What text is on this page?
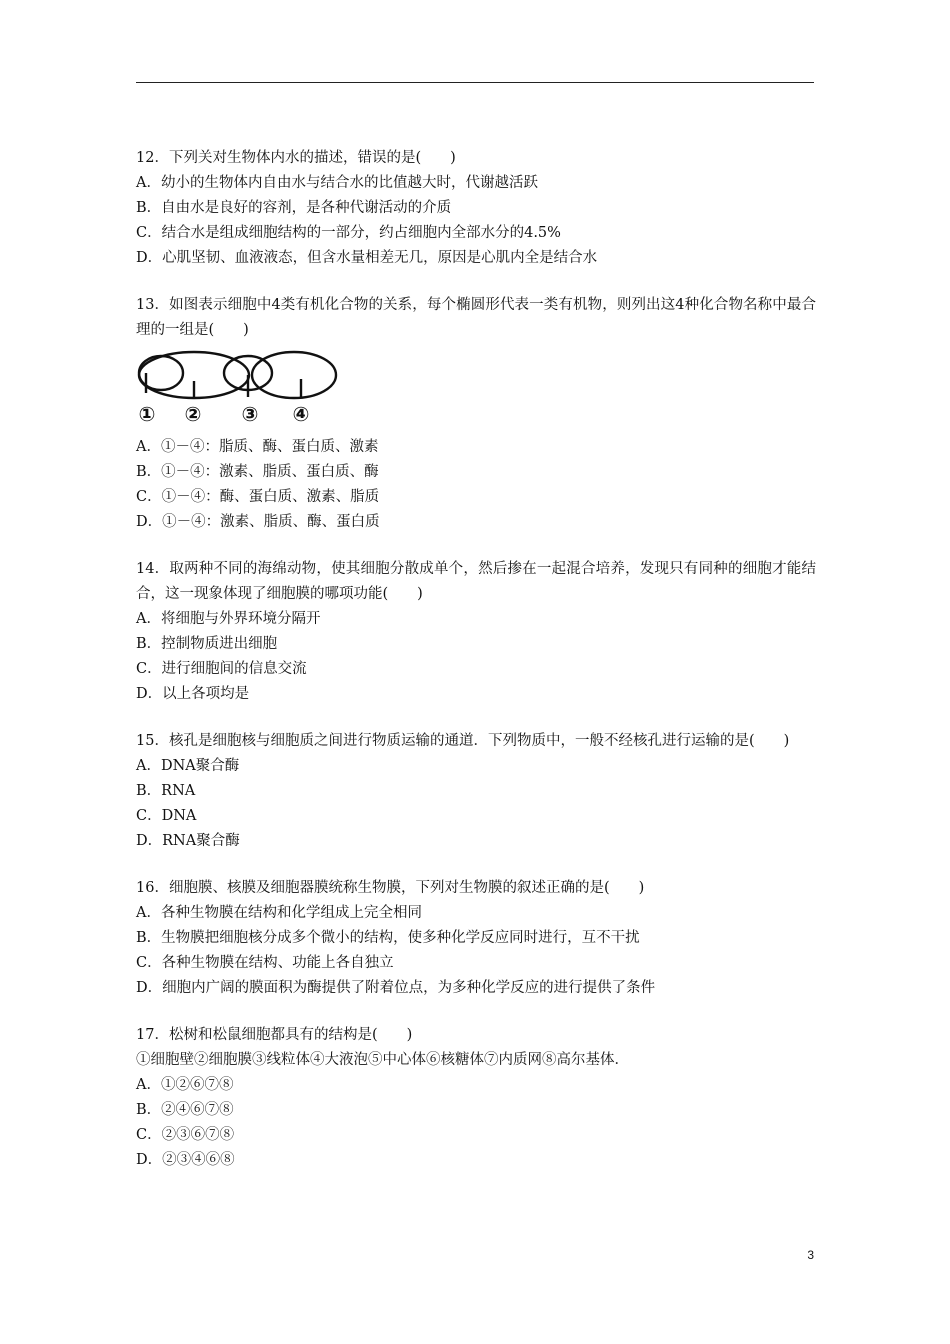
12．下列关对生物体内水的描述，错误的是(　　)
A．幼小的生物体内自由水与结合水的比值越大时，代谢越活跃
B．自由水是良好的容剂，是各种代谢活动的介质
C．结合水是组成细胞结构的一部分，约占细胞内全部水分的4.5%
D．心肌坚韧、血液液态，但含水量相差无几，原因是心肌内全是结合水
13．如图表示细胞中4类有机化合物的关系，每个椭圆形代表一类有机物，则列出这4种化合物名称中最合理的一组是(　　)
① ② ③ ④
A．①－④：脂质、酶、蛋白质、激素
B．①－④：激素、脂质、蛋白质、酶
C．①－④：酶、蛋白质、激素、脂质
D．①－④：激素、脂质、酶、蛋白质
14．取两种不同的海绵动物，使其细胞分散成单个，然后掺在一起混合培养，发现只有同种的细胞才能结合，这一现象体现了细胞膜的哪项功能(　　)
A．将细胞与外界环境分隔开
B．控制物质进出细胞
C．进行细胞间的信息交流
D．以上各项均是
15．核孔是细胞核与细胞质之间进行物质运输的通道．下列物质中，一般不经核孔进行运输的是(　　)
A．DNA聚合酶
B．RNA
C．DNA
D．RNA聚合酶
16．细胞膜、核膜及细胞器膜统称生物膜，下列对生物膜的叙述正确的是(　　)
A．各种生物膜在结构和化学组成上完全相同
B．生物膜把细胞核分成多个微小的结构，使多种化学反应同时进行，互不干扰
C．各种生物膜在结构、功能上各自独立
D．细胞内广阔的膜面积为酶提供了附着位点，为多种化学反应的进行提供了条件
17．松树和松鼠细胞都具有的结构是(　　)
①细胞壁②细胞膜③线粒体④大液泡⑤中心体⑥核糖体⑦内质网⑧高尔基体．
A．①②⑥⑦⑧
B．②④⑥⑦⑧
C．②③⑥⑦⑧
D．②③④⑥⑧
3
